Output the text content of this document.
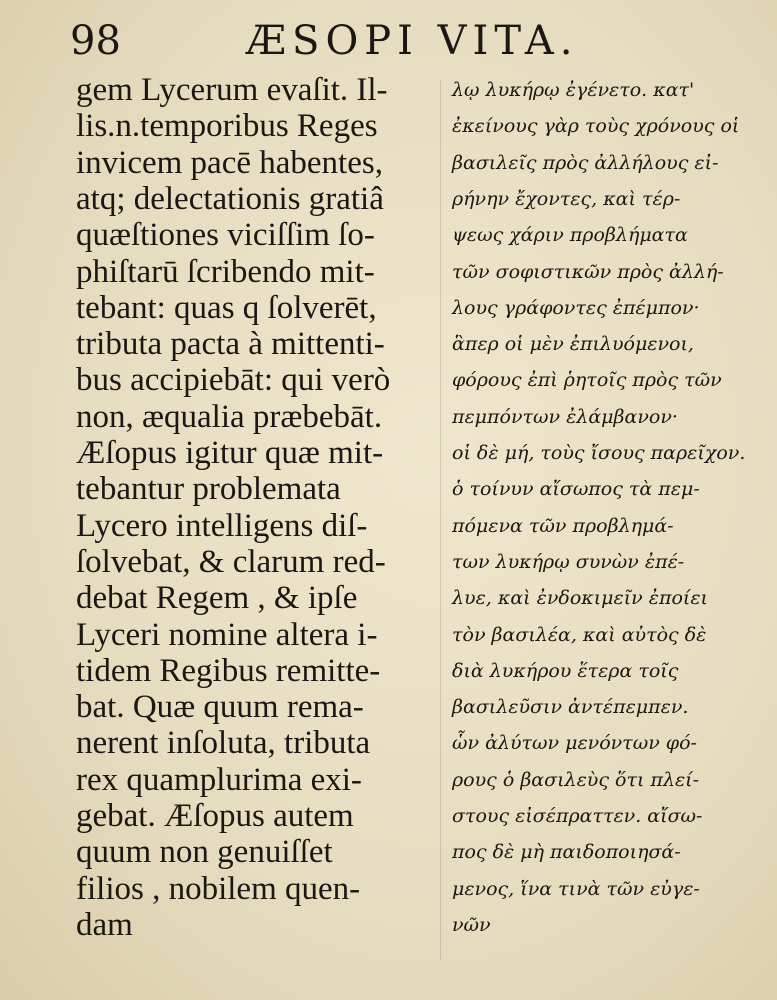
98	ÆSOPI VITA.
gem Lycerum evaſit. Il-
lis.n.temporibus Reges
invicem pacē habentes,
atq; delectationis gratiâ
quæſtiones viciſſim ſo-
phiſtarū ſcribendo mit-
tebant: quas q ſolverēt,
tributa pacta à mittenti-
bus accipiebāt: qui verò
non, æqualia præbebāt.
Æſopus igitur quæ mit-
tebantur problemata
Lycero intelligens diſ-
ſolvebat, & clarum red-
debat Regem , & ipſe
Lyceri nomine altera i-
tidem Regibus remitte-
bat. Quæ quum rema-
nerent inſoluta, tributa
rex quamplurima exi-
gebat. Æſopus autem
quum non genuiſſet
filios , nobilem quen-
dam
λῳ λυκήρῳ ἐγένετο. κατ'
ἐκείνους γὰρ τοὺς χρόνους οἱ
βασιλεῖς πρὸς ἀλλήλους εἰ-
ρήνην ἔχοντες, καὶ τέρ-
ψεως χάριν προβλήματα
τῶν σοφιστικῶν πρὸς ἀλλή-
λους γράφοντες ἐπέμπον·
ἃπερ οἱ μὲν ἐπιλυόμενοι,
φόρους ἐπὶ ῥητοῖς πρὸς τῶν
πεμπόντων ἐλάμβανον·
οἱ δὲ μή, τοὺς ἴσους παρεῖχον.
ὁ τοίνυν αἴσωπος τὰ πεμ-
πόμενα τῶν προβλημά-
των λυκήρῳ συνὼν ἐπέ-
λυε, καὶ ἐνδοκιμεῖν ἐποίει
τὸν βασιλέα, καὶ αὐτὸς δὲ
διὰ λυκήρου ἕτερα τοῖς
βασιλεῦσιν ἀντέπεμπεν.
ὧν ἀλύτων μενόντων φό-
ρους ὁ βασιλεὺς ὅτι πλεί-
στους εἰσέπραττεν. αἴσω-
πος δὲ μὴ παιδοποιησά-
μενος, ἵνα τινὰ τῶν εὐγε-
νῶν
